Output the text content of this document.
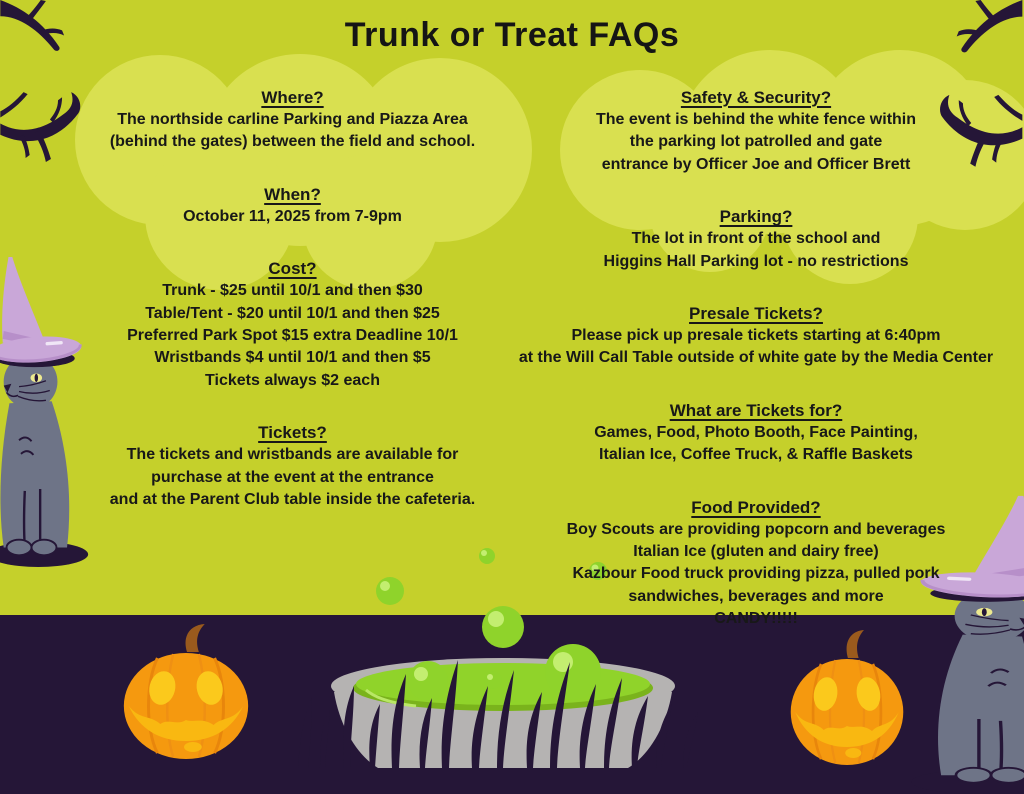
Trunk or Treat FAQs
Where?
The northside carline Parking and Piazza Area
(behind the gates) between the field and school.
When?
October 11, 2025 from 7-9pm
Cost?
Trunk - $25 until 10/1 and then $30
Table/Tent - $20 until 10/1 and then $25
Preferred Park Spot $15 extra Deadline 10/1
Wristbands $4 until 10/1 and then $5
Tickets always $2 each
Tickets?
The tickets and wristbands are available for
purchase at the event at the entrance
and at the Parent Club table inside the cafeteria.
Safety & Security?
The event is behind the white fence within
the parking lot patrolled and gate
entrance by Officer Joe and Officer Brett
Parking?
The lot in front of the school and
Higgins Hall Parking lot - no restrictions
Presale Tickets?
Please pick up presale tickets starting at 6:40pm
at the Will Call Table outside of white gate by the Media Center
What are Tickets for?
Games, Food, Photo Booth, Face Painting,
Italian Ice, Coffee Truck, & Raffle Baskets
Food Provided?
Boy Scouts are providing popcorn and beverages
Italian Ice (gluten and dairy free)
Kazbour Food truck providing pizza, pulled pork
sandwiches, beverages and more
CANDY!!!!!
